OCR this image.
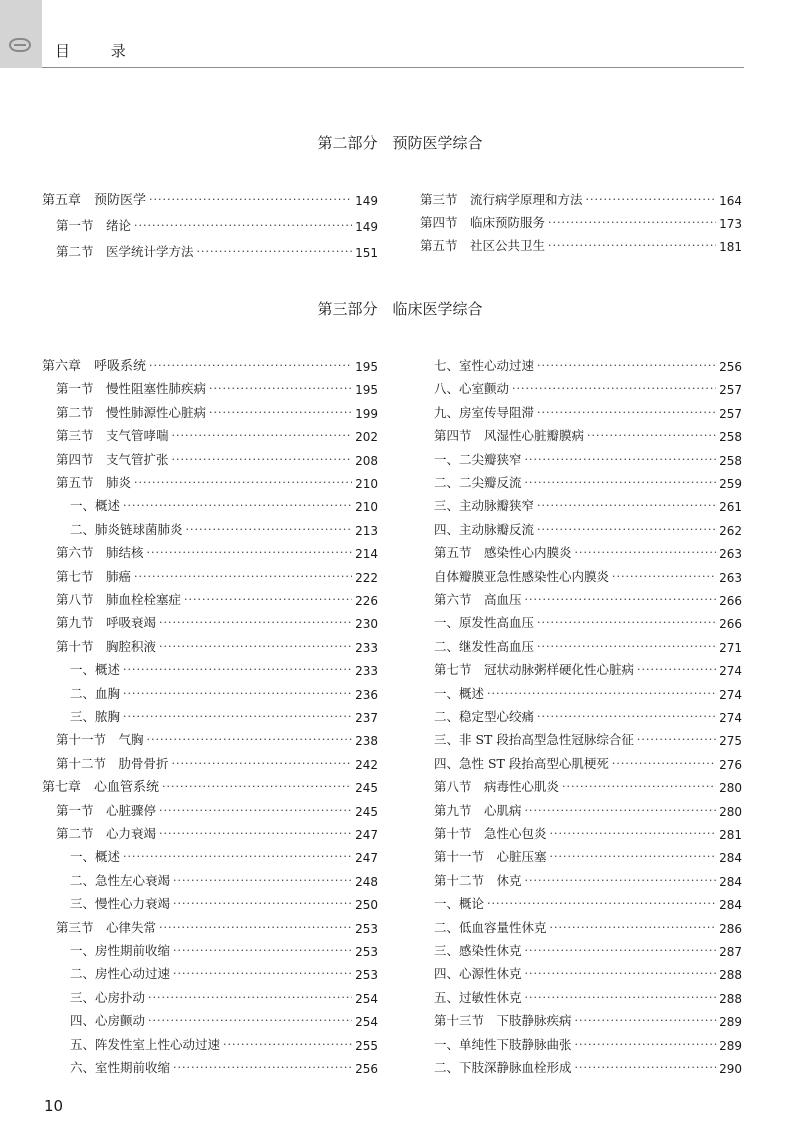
目 录
第二部分　预防医学综合
第三部分　临床医学综合
第五章　预防医学 ·····	149
第一节　绪论 ·····	149
第二节　医学统计学方法 ·····	151
第三节　流行病学原理和方法 ·····	164
第四节　临床预防服务 ·····	173
第五节　社区公共卫生 ·····	181
第六章　呼吸系统 ·····	195
第一节　慢性阻塞性肺疾病 ·····	195
第二节　慢性肺源性心脏病 ·····	199
第三节　支气管哮喘 ·····	202
第四节　支气管扩张 ·····	208
第五节　肺炎 ·····	210
一、概述 ·····	210
二、肺炎链球菌肺炎 ·····	213
第六节　肺结核 ·····	214
第七节　肺癌 ·····	222
第八节　肺血栓栓塞症 ·····	226
第九节　呼吸衰竭 ·····	230
第十节　胸腔积液 ·····	233
一、概述 ·····	233
二、血胸 ·····	236
三、脓胸 ·····	237
第十一节　气胸 ·····	238
第十二节　肋骨骨折 ·····	242
第七章　心血管系统 ·····	245
第一节　心脏骤停 ·····	245
第二节　心力衰竭 ·····	247
一、概述 ·····	247
二、急性左心衰竭 ·····	248
三、慢性心力衰竭 ·····	250
第三节　心律失常 ·····	253
一、房性期前收缩 ·····	253
二、房性心动过速 ·····	253
三、心房扑动 ·····	254
四、心房颤动 ·····	254
五、阵发性室上性心动过速 ·····	255
六、室性期前收缩 ·····	256
七、室性心动过速 ·····	256
八、心室颤动 ·····	257
九、房室传导阻滞 ·····	257
第四节　风湿性心脏瓣膜病 ·····	258
一、二尖瓣狭窄 ·····	258
二、二尖瓣反流 ·····	259
三、主动脉瓣狭窄 ·····	261
四、主动脉瓣反流 ·····	262
第五节　感染性心内膜炎 ·····	263
自体瓣膜亚急性感染性心内膜炎 ·····	263
第六节　高血压 ·····	266
一、原发性高血压 ·····	266
二、继发性高血压 ·····	271
第七节　冠状动脉粥样硬化性心脏病 ·····	274
一、概述 ·····	274
二、稳定型心绞痛 ·····	274
三、非 ST 段抬高型急性冠脉综合征 ·····	275
四、急性 ST 段抬高型心肌梗死 ·····	276
第八节　病毒性心肌炎 ·····	280
第九节　心肌病 ·····	280
第十节　急性心包炎 ·····	281
第十一节　心脏压塞 ·····	284
第十二节　休克 ·····	284
一、概论 ·····	284
二、低血容量性休克 ·····	286
三、感染性休克 ·····	287
四、心源性休克 ·····	288
五、过敏性休克 ·····	288
第十三节　下肢静脉疾病 ·····	289
一、单纯性下肢静脉曲张 ·····	289
二、下肢深静脉血栓形成 ·····	290
10
